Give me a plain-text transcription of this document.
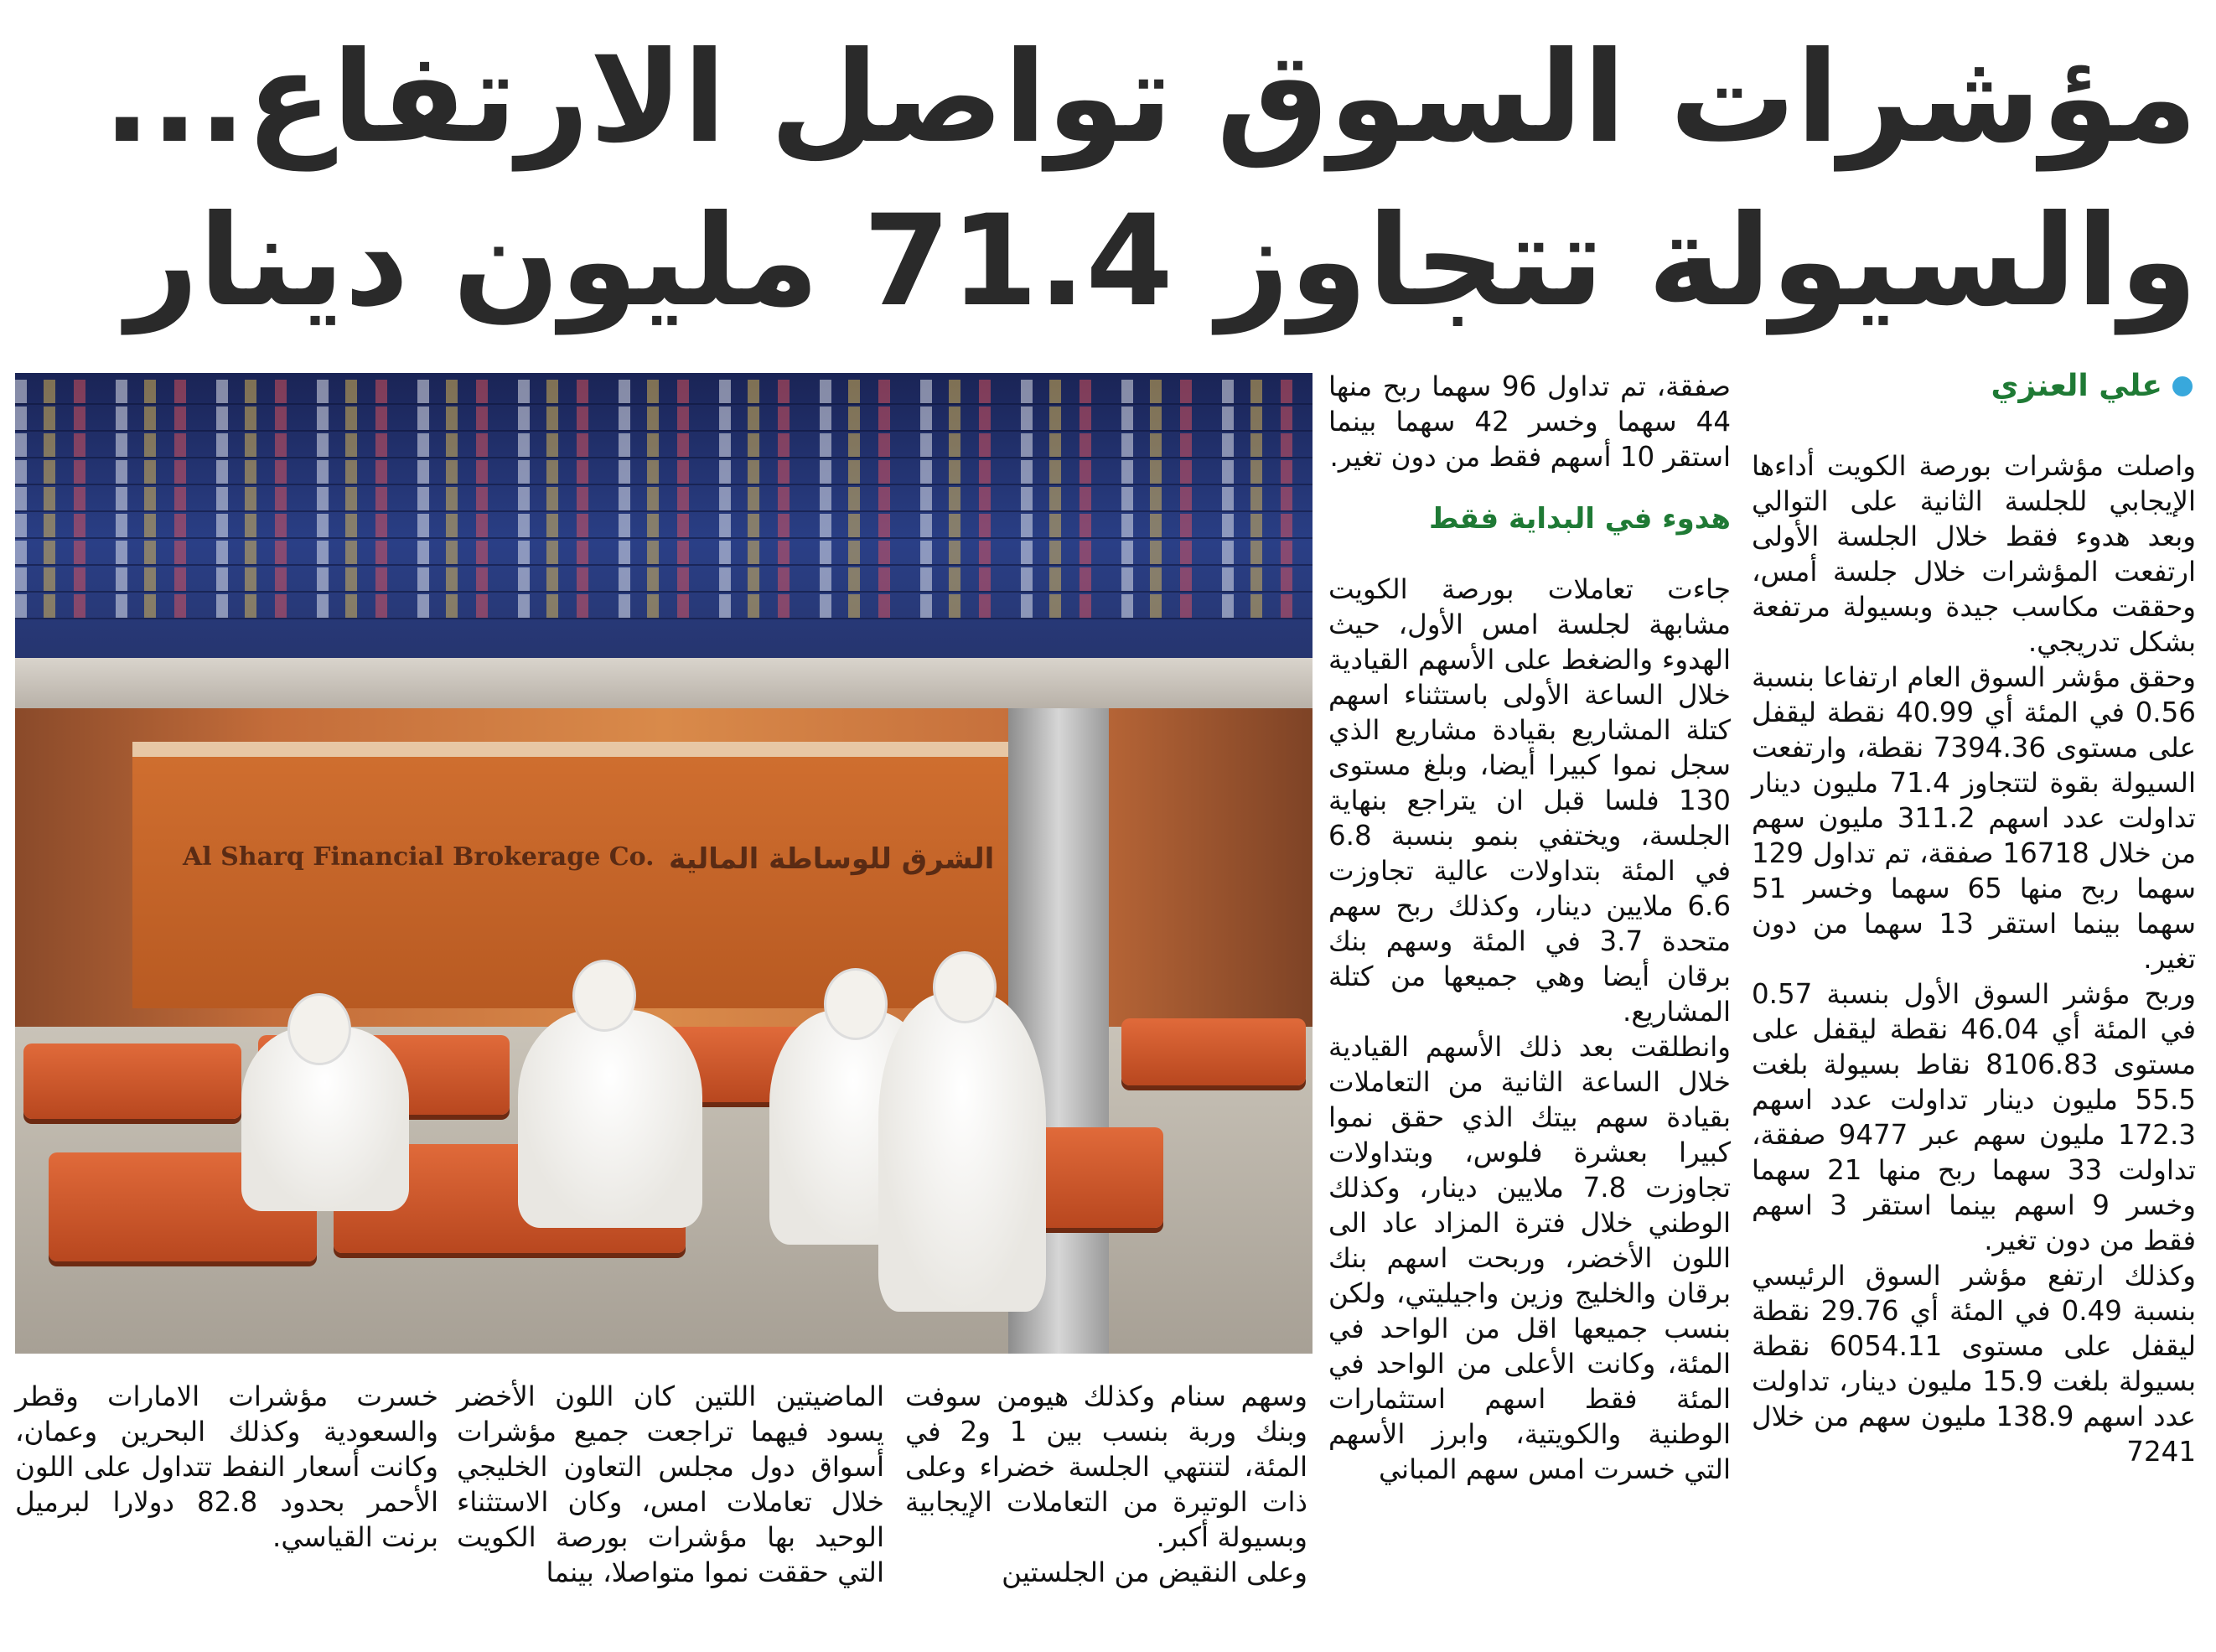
مؤشرات السوق تواصل الارتفاع...
والسيولة تتجاوز 71.4 مليون دينار
علي العنزي
Al Sharq Financial Brokerage Co. الشرق للوساطة المالية

واصلت مؤشرات بورصة الكويت أداءها الإيجابي للجلسة الثانية على التوالي وبعد هدوء فقط خلال الجلسة الأولى ارتفعت المؤشرات خلال جلسة أمس، وحققت مكاسب جيدة وبسيولة مرتفعة بشكل تدريجي.

وحقق مؤشر السوق العام ارتفاعا بنسبة 0.56 في المئة أي 40.99 نقطة ليقفل على مستوى 7394.36 نقطة، وارتفعت السيولة بقوة لتتجاوز 71.4 مليون دينار تداولت عدد اسهم 311.2 مليون سهم من خلال 16718 صفقة، تم تداول 129 سهما ربح منها 65 سهما وخسر 51 سهما بينما استقر 13 سهما من دون تغير.

وربح مؤشر السوق الأول بنسبة 0.57 في المئة أي 46.04 نقطة ليقفل على مستوى 8106.83 نقاط بسيولة بلغت 55.5 مليون دينار تداولت عدد اسهم 172.3 مليون سهم عبر 9477 صفقة، تداولت 33 سهما ربح منها 21 سهما وخسر 9 اسهم بينما استقر 3 اسهم فقط من دون تغير.

وكذلك ارتفع مؤشر السوق الرئيسي بنسبة 0.49 في المئة أي 29.76 نقطة ليقفل على مستوى 6054.11 نقطة بسيولة بلغت 15.9 مليون دينار، تداولت عدد اسهم 138.9 مليون سهم من خلال 7241

صفقة، تم تداول 96 سهما ربح منها 44 سهما وخسر 42 سهما بينما استقر 10 أسهم فقط من دون تغير.

هدوء في البداية فقط

جاءت تعاملات بورصة الكويت مشابهة لجلسة امس الأول، حيث الهدوء والضغط على الأسهم القيادية خلال الساعة الأولى باستثناء اسهم كتلة المشاريع بقيادة مشاريع الذي سجل نموا كبيرا أيضا، وبلغ مستوى 130 فلسا قبل ان يتراجع بنهاية الجلسة، ويختفي بنمو بنسبة 6.8 في المئة بتداولات عالية تجاوزت 6.6 ملايين دينار، وكذلك ربح سهم متحدة 3.7 في المئة وسهم بنك برقان أيضا وهي جميعها من كتلة المشاريع.

وانطلقت بعد ذلك الأسهم القيادية خلال الساعة الثانية من التعاملات بقيادة سهم بيتك الذي حقق نموا كبيرا بعشرة فلوس، وبتداولات تجاوزت 7.8 ملايين دينار، وكذلك الوطني خلال فترة المزاد عاد الى اللون الأخضر، وربحت اسهم بنك برقان والخليج وزين واجيليتي، ولكن بنسب جميعها اقل من الواحد في المئة، وكانت الأعلى من الواحد في المئة فقط اسهم استثمارات الوطنية والكويتية، وابرز الأسهم التي خسرت امس سهم المباني

وسهم سنام وكذلك هيومن سوفت وبنك وربة بنسب بين 1 و2 في المئة، لتنتهي الجلسة خضراء وعلى ذات الوتيرة من التعاملات الإيجابية وبسيولة أكبر.

وعلى النقيض من الجلستين

الماضيتين اللتين كان اللون الأخضر يسود فيهما تراجعت جميع مؤشرات أسواق دول مجلس التعاون الخليجي خلال تعاملات امس، وكان الاستثناء الوحيد بها مؤشرات بورصة الكويت التي حققت نموا متواصلا، بينما

خسرت مؤشرات الامارات وقطر والسعودية وكذلك البحرين وعمان، وكانت أسعار النفط تتداول على اللون الأحمر بحدود 82.8 دولارا لبرميل برنت القياسي.
